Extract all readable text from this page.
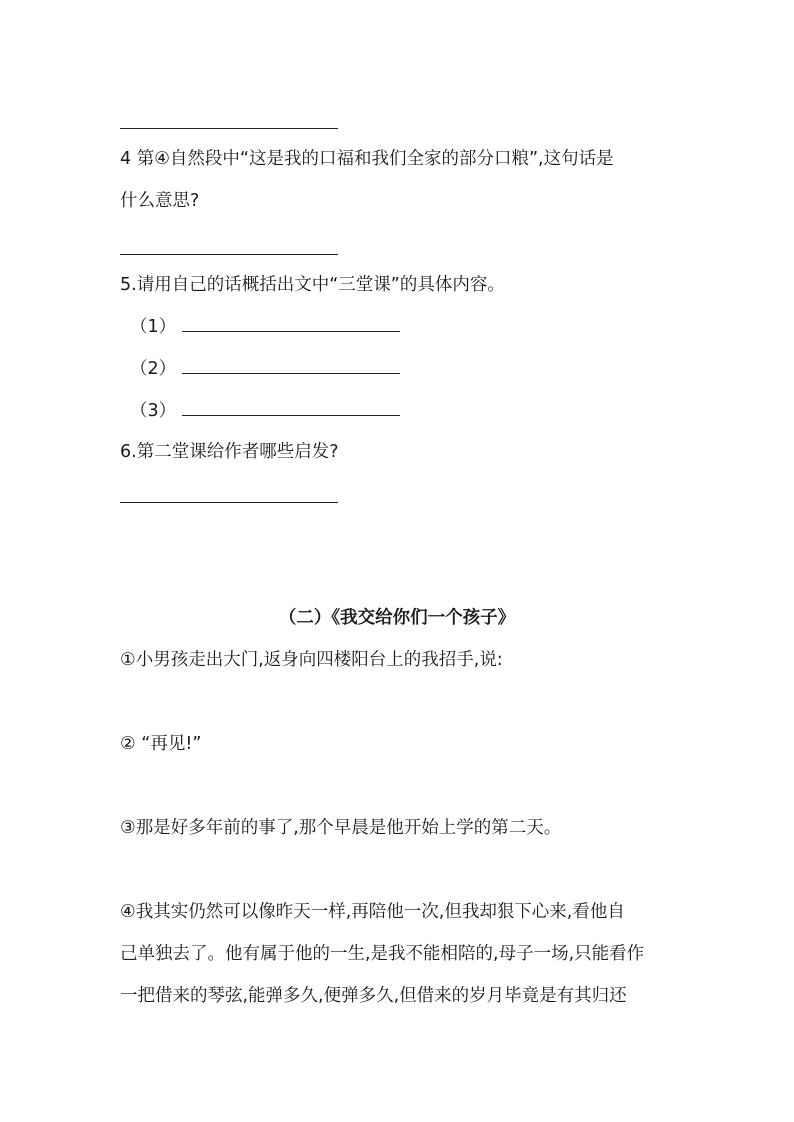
4 第④自然段中“这是我的口福和我们全家的部分口粮”,这句话是
什么意思?
5.请用自己的话概括出文中“三堂课”的具体内容。
（1）
（2）
（3）
6.第二堂课给作者哪些启发?
（二）《我交给你们一个孩子》
①小男孩走出大门,返身向四楼阳台上的我招手,说:
② “再见!”
③那是好多年前的事了,那个早晨是他开始上学的第二天。
④我其实仍然可以像昨天一样,再陪他一次,但我却狠下心来,看他自
己单独去了。他有属于他的一生,是我不能相陪的,母子一场,只能看作
一把借来的琴弦,能弹多久,便弹多久,但借来的岁月毕竟是有其归还
